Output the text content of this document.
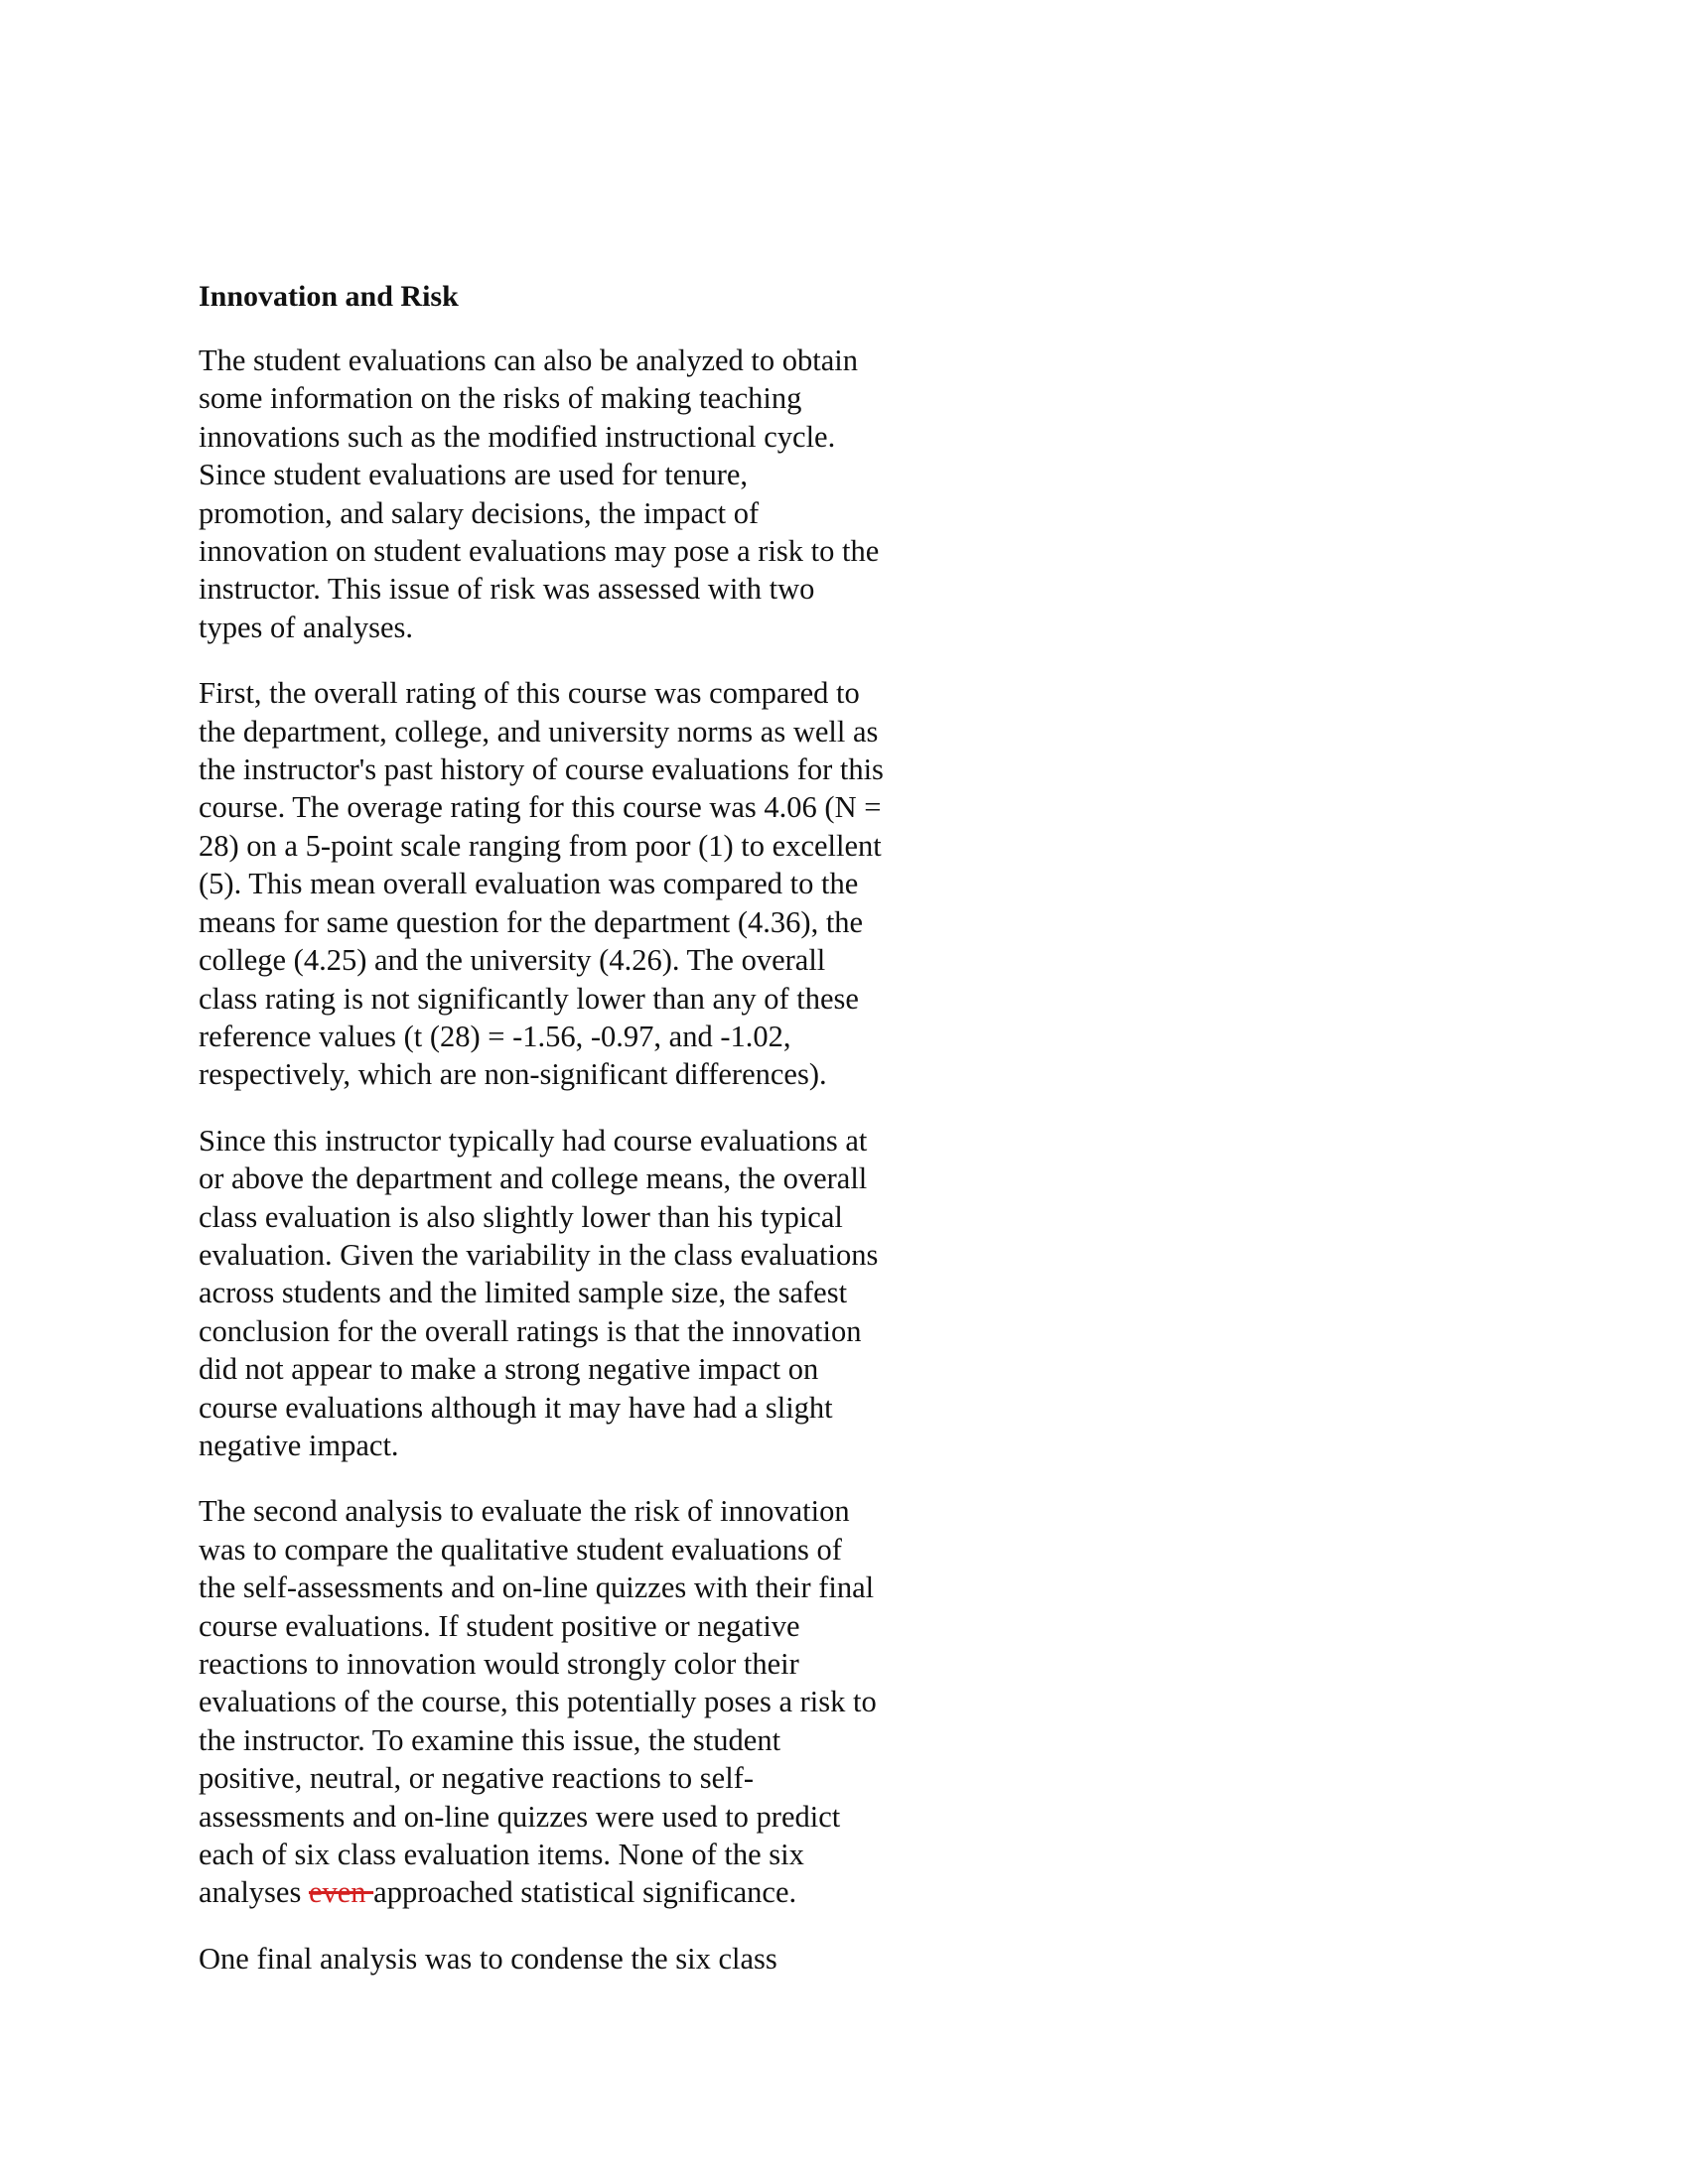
Innovation and Risk
The student evaluations can also be analyzed to obtain
some information on the risks of making teaching
innovations such as the modified instructional cycle.
Since student evaluations are used for tenure,
promotion, and salary decisions, the impact of
innovation on student evaluations may pose a risk to the
instructor. This issue of risk was assessed with two
types of analyses.
First, the overall rating of this course was compared to
the department, college, and university norms as well as
the instructor's past history of course evaluations for this
course. The overage rating for this course was 4.06 (N =
28) on a 5-point scale ranging from poor (1) to excellent
(5). This mean overall evaluation was compared to the
means for same question for the department (4.36), the
college (4.25) and the university (4.26). The overall
class rating is not significantly lower than any of these
reference values (t (28) = -1.56, -0.97, and -1.02,
respectively, which are non-significant differences).
Since this instructor typically had course evaluations at
or above the department and college means, the overall
class evaluation is also slightly lower than his typical
evaluation. Given the variability in the class evaluations
across students and the limited sample size, the safest
conclusion for the overall ratings is that the innovation
did not appear to make a strong negative impact on
course evaluations although it may have had a slight
negative impact.
The second analysis to evaluate the risk of innovation
was to compare the qualitative student evaluations of
the self-assessments and on-line quizzes with their final
course evaluations. If student positive or negative
reactions to innovation would strongly color their
evaluations of the course, this potentially poses a risk to
the instructor. To examine this issue, the student
positive, neutral, or negative reactions to self-
assessments and on-line quizzes were used to predict
each of six class evaluation items. None of the six
analyses even approached statistical significance.
One final analysis was to condense the six class
